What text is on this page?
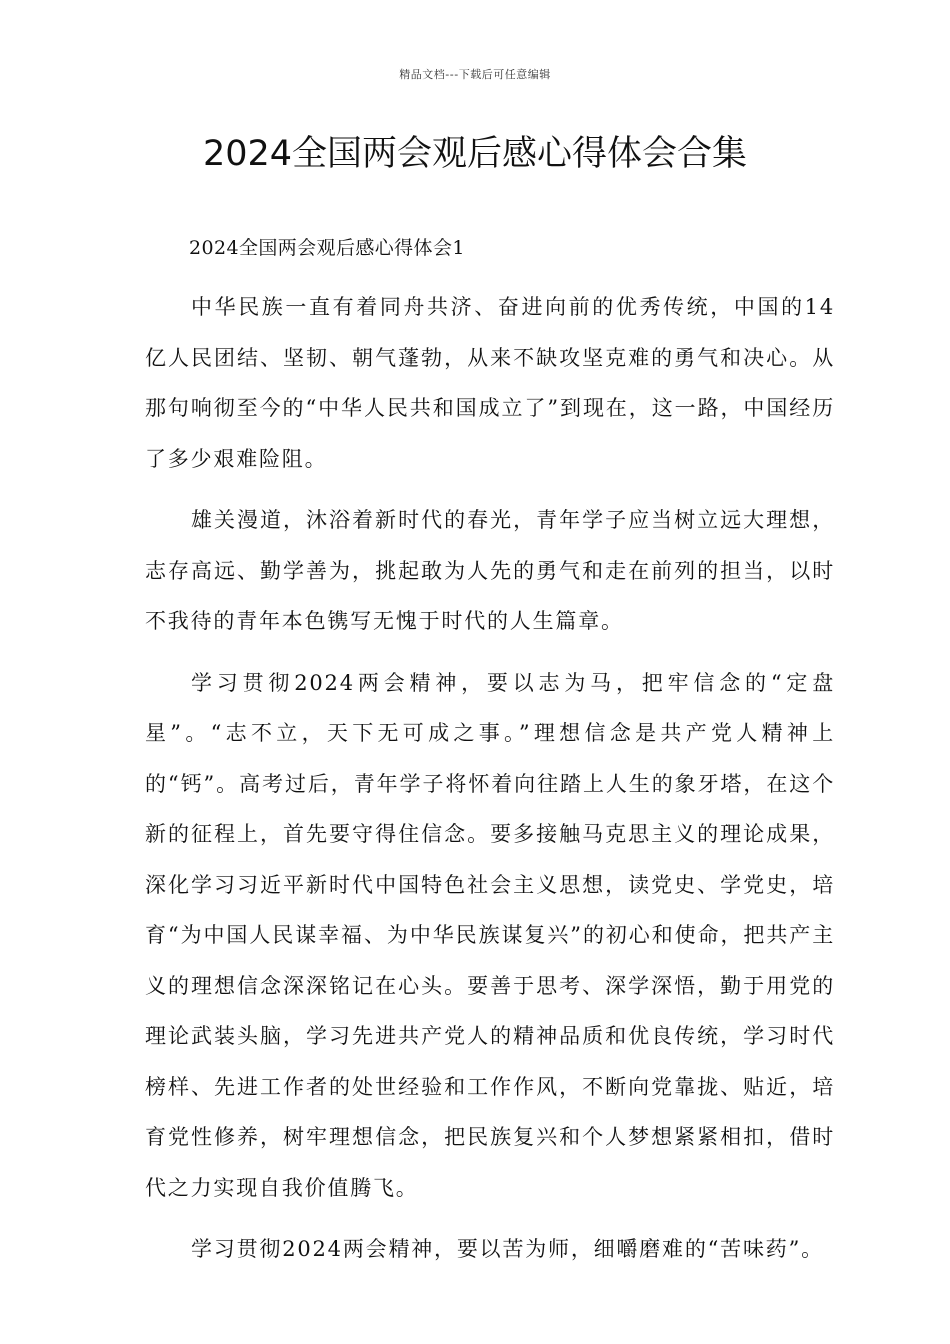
精品文档---下载后可任意编辑
2024全国两会观后感心得体会合集

2024全国两会观后感心得体会1

中华民族一直有着同舟共济、奋进向前的优秀传统，中国的14亿人民团结、坚韧、朝气蓬勃，从来不缺攻坚克难的勇气和决心。从那句响彻至今的“中华人民共和国成立了”到现在，这一路，中国经历了多少艰难险阻。

雄关漫道，沐浴着新时代的春光，青年学子应当树立远大理想，志存高远、勤学善为，挑起敢为人先的勇气和走在前列的担当，以时不我待的青年本色镌写无愧于时代的人生篇章。

学习贯彻2024两会精神，要以志为马，把牢信念的“定盘星”。“志不立，天下无可成之事。”理想信念是共产党人精神上的“钙”。高考过后，青年学子将怀着向往踏上人生的象牙塔，在这个新的征程上，首先要守得住信念。要多接触马克思主义的理论成果，深化学习习近平新时代中国特色社会主义思想，读党史、学党史，培育“为中国人民谋幸福、为中华民族谋复兴”的初心和使命，把共产主义的理想信念深深铭记在心头。要善于思考、深学深悟，勤于用党的理论武装头脑，学习先进共产党人的精神品质和优良传统，学习时代榜样、先进工作者的处世经验和工作作风，不断向党靠拢、贴近，培育党性修养，树牢理想信念，把民族复兴和个人梦想紧紧相扣，借时代之力实现自我价值腾飞。

学习贯彻2024两会精神，要以苦为师，细嚼磨难的“苦味药”。
